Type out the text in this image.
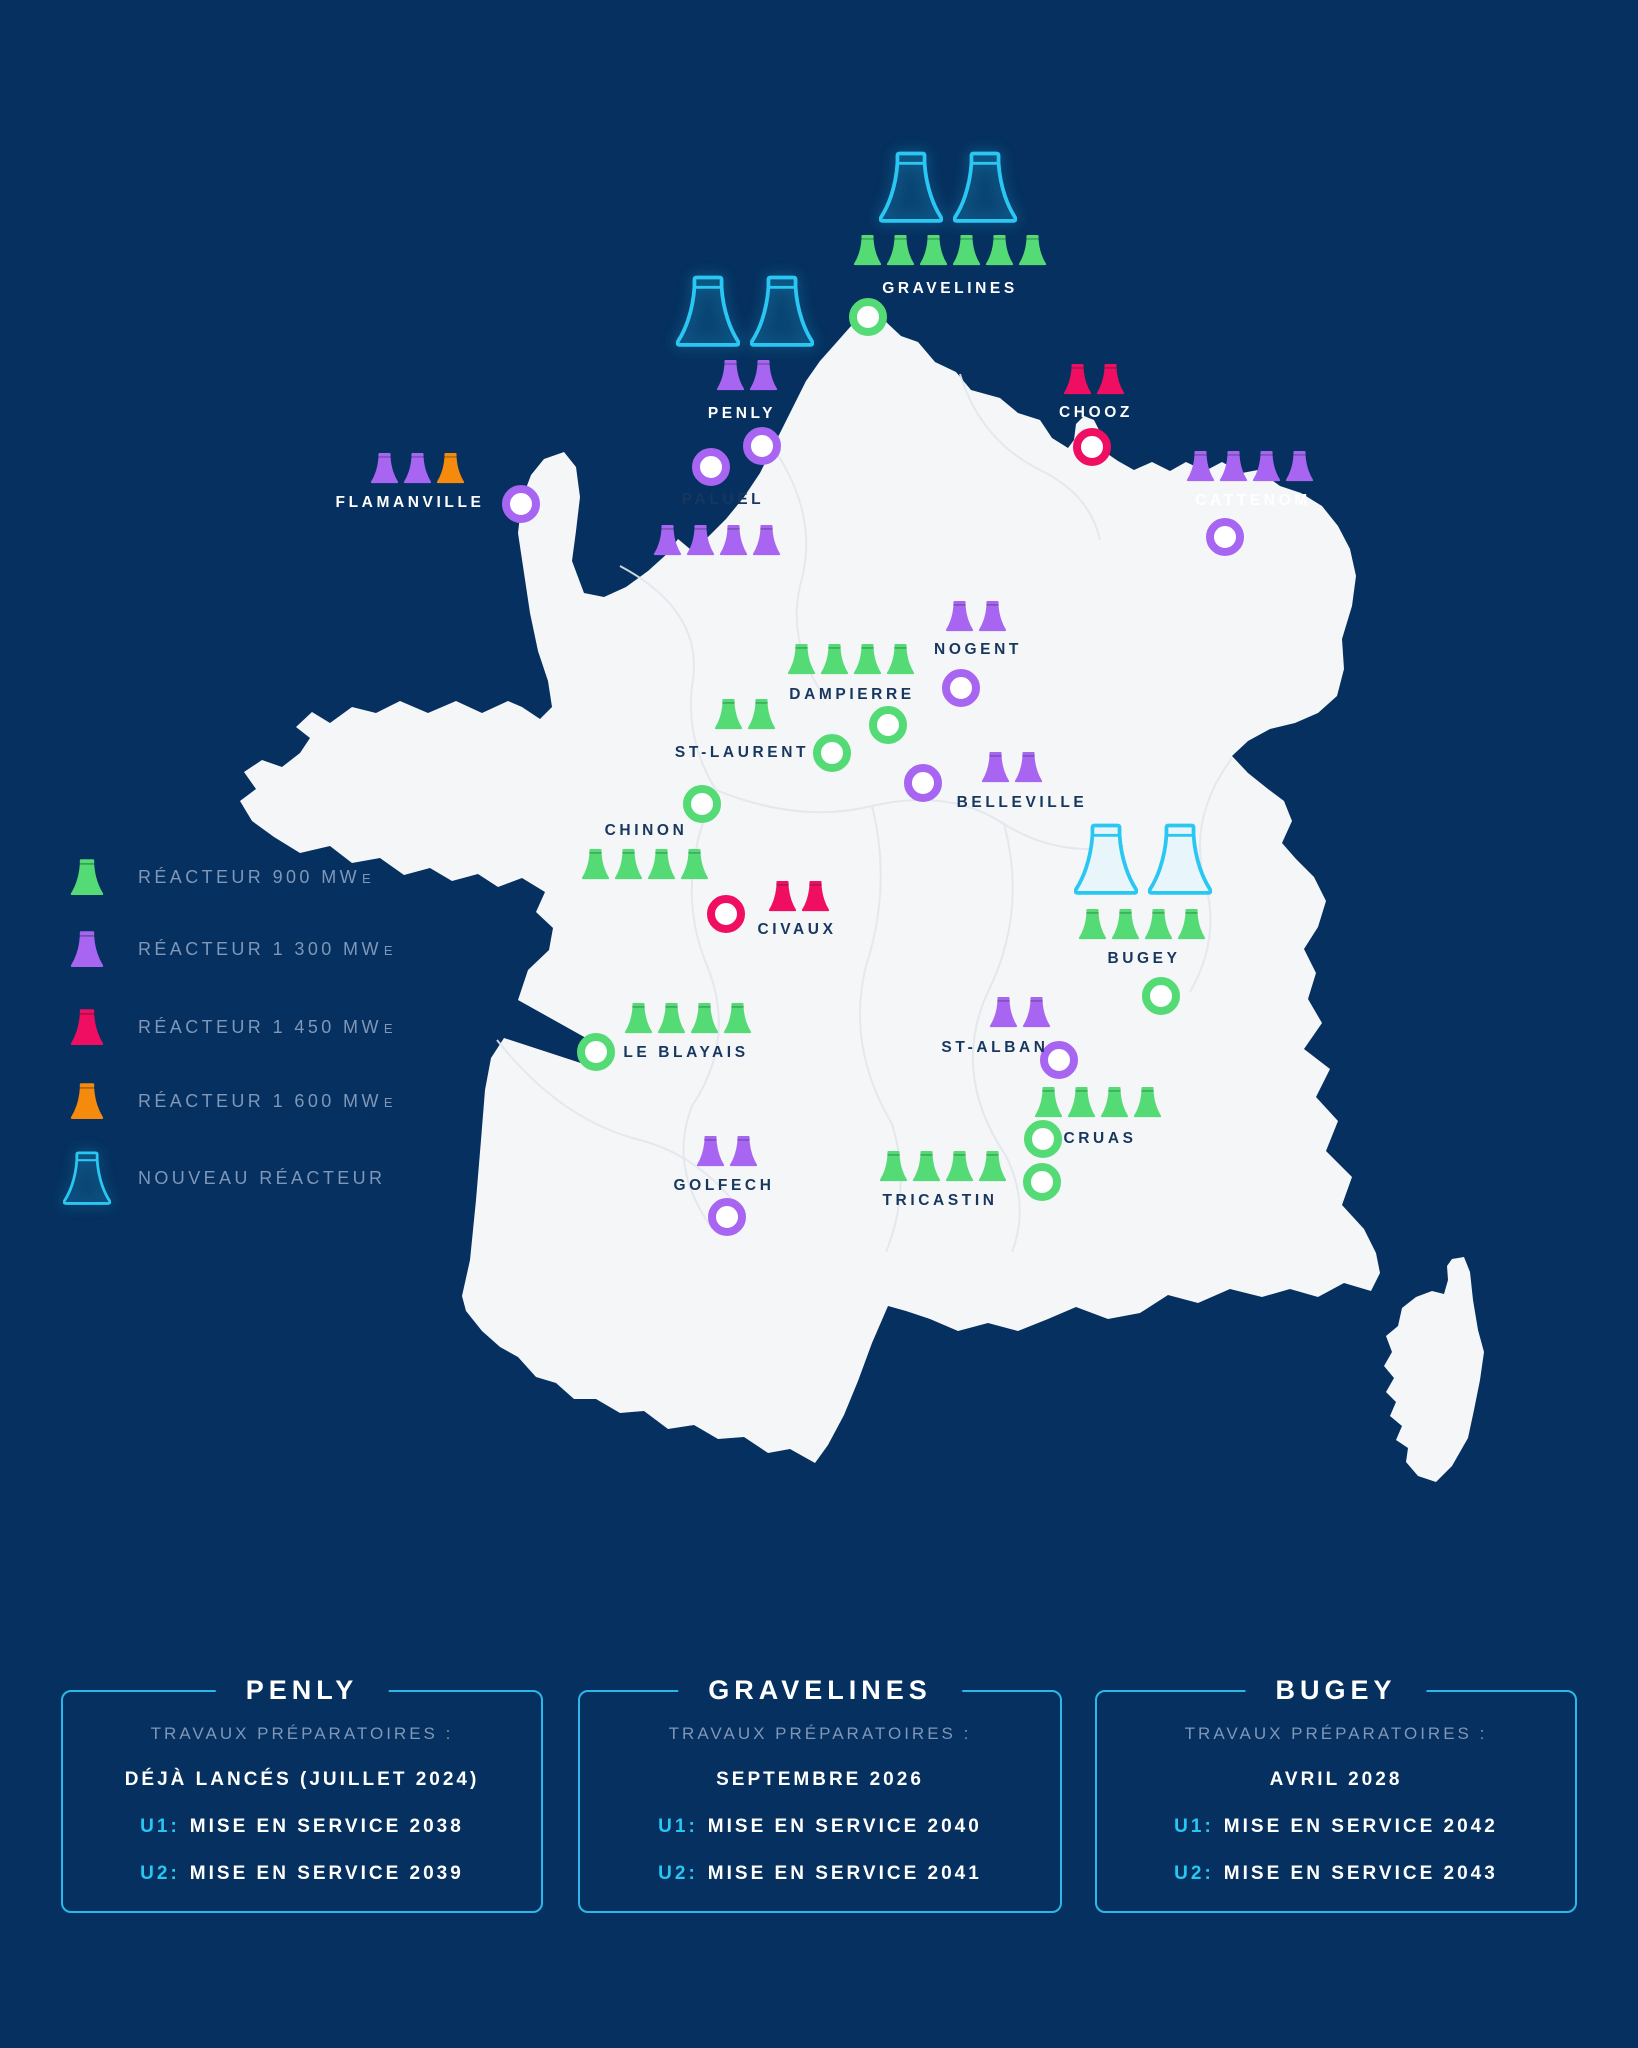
GRAVELINES
PENLY
PALUEL
FLAMANVILLE
CHOOZ
CATTENOM
NOGENT
DAMPIERRE
ST-LAURENT
BELLEVILLE
CHINON
CIVAUX
BUGEY
LE BLAYAIS	ST-ALBAN
CRUAS
TRICASTIN
GOLFECH
RÉACTEUR 900 MW E
RÉACTEUR 1 300 MW E
RÉACTEUR 1 450 MW E
RÉACTEUR 1 600 MW E
NOUVEAU RÉACTEUR
PENLY
TRAVAUX PRÉPARATOIRES :
DÉJÀ LANCÉS (JUILLET 2024)
U1: MISE EN SERVICE 2038
U2: MISE EN SERVICE 2039
GRAVELINES
TRAVAUX PRÉPARATOIRES :
SEPTEMBRE 2026
U1: MISE EN SERVICE 2040
U2: MISE EN SERVICE 2041
BUGEY
TRAVAUX PRÉPARATOIRES :
AVRIL 2028
U1: MISE EN SERVICE 2042
U2: MISE EN SERVICE 2043
